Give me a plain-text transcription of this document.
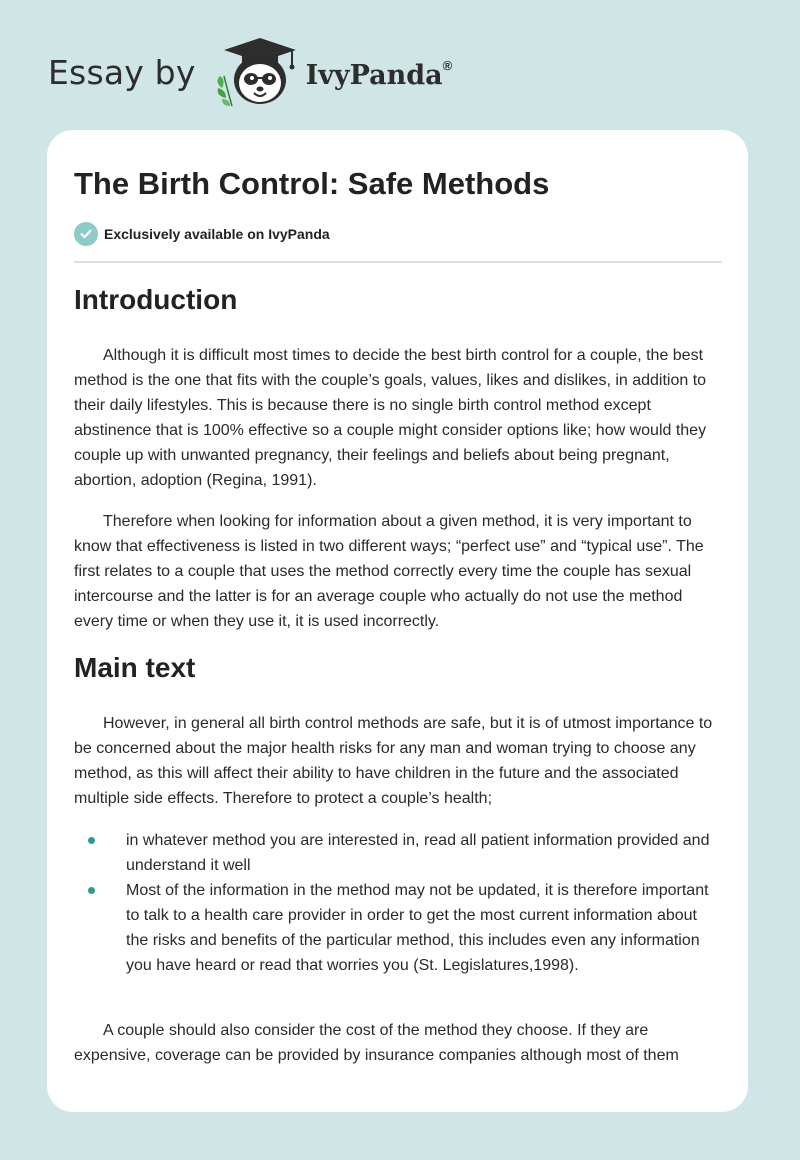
Essay by	IvyPanda®
The Birth Control: Safe Methods
Exclusively available on IvyPanda
Introduction

Although it is difficult most times to decide the best birth control for a couple, the best method is the one that fits with the couple’s goals, values, likes and dislikes, in addition to their daily lifestyles. This is because there is no single birth control method except abstinence that is 100% effective so a couple might consider options like; how would they couple up with unwanted pregnancy, their feelings and beliefs about being pregnant, abortion, adoption (Regina, 1991).

Therefore when looking for information about a given method, it is very important to know that effectiveness is listed in two different ways; “perfect use” and “typical use”. The first relates to a couple that uses the method correctly every time the couple has sexual intercourse and the latter is for an average couple who actually do not use the method every time or when they use it, it is used incorrectly.

Main text

However, in general all birth control methods are safe, but it is of utmost importance to be concerned about the major health risks for any man and woman trying to choose any method, as this will affect their ability to have children in the future and the associated multiple side effects. Therefore to protect a couple’s health;

in whatever method you are interested in, read all patient information provided and understand it well
Most of the information in the method may not be updated, it is therefore important to talk to a health care provider in order to get the most current information about the risks and benefits of the particular method, this includes even any information you have heard or read that worries you (St. Legislatures,1998).

A couple should also consider the cost of the method they choose. If they are expensive, coverage can be provided by insurance companies although most of them
